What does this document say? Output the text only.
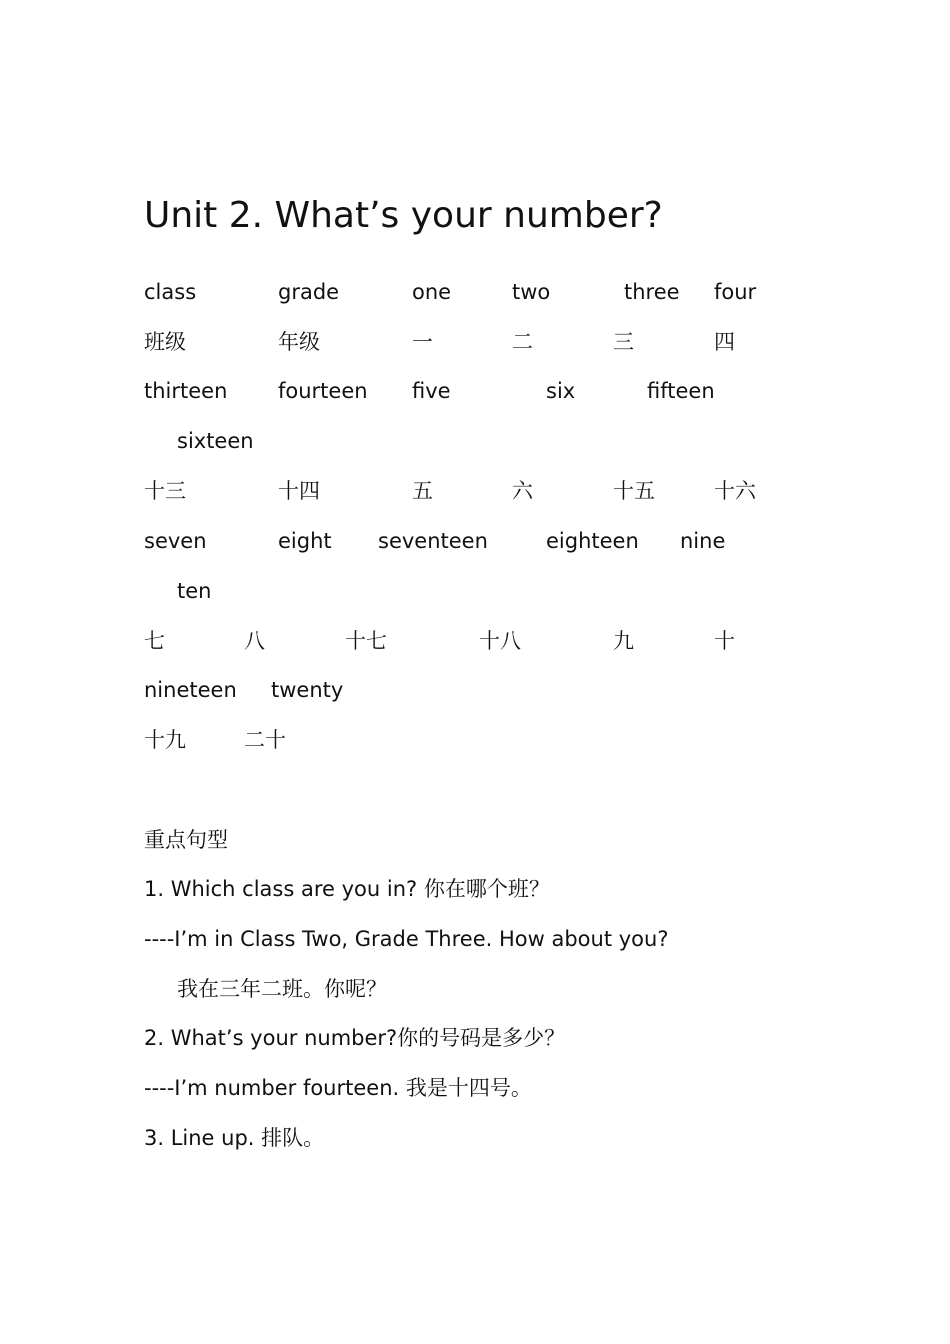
Unit 2. What’s your number?
class	grade	one	two	three four
班级	年级	一	二	三	四
thirteen fourteen five	six	fifteen
sixteen
十三	十四	五	六	十五	十六
seven	eight seventeen	eighteen nine
ten
七	八	十七	十八	九	十
nineteen twenty
十九	二十
重点句型
1. Which class are you in? 你在哪个班？
----I’m in Class Two, Grade Three. How about you?
我在三年二班。你呢？
2. What’s your number?你的号码是多少？
----I’m number fourteen. 我是十四号。
3. Line up. 排队。
